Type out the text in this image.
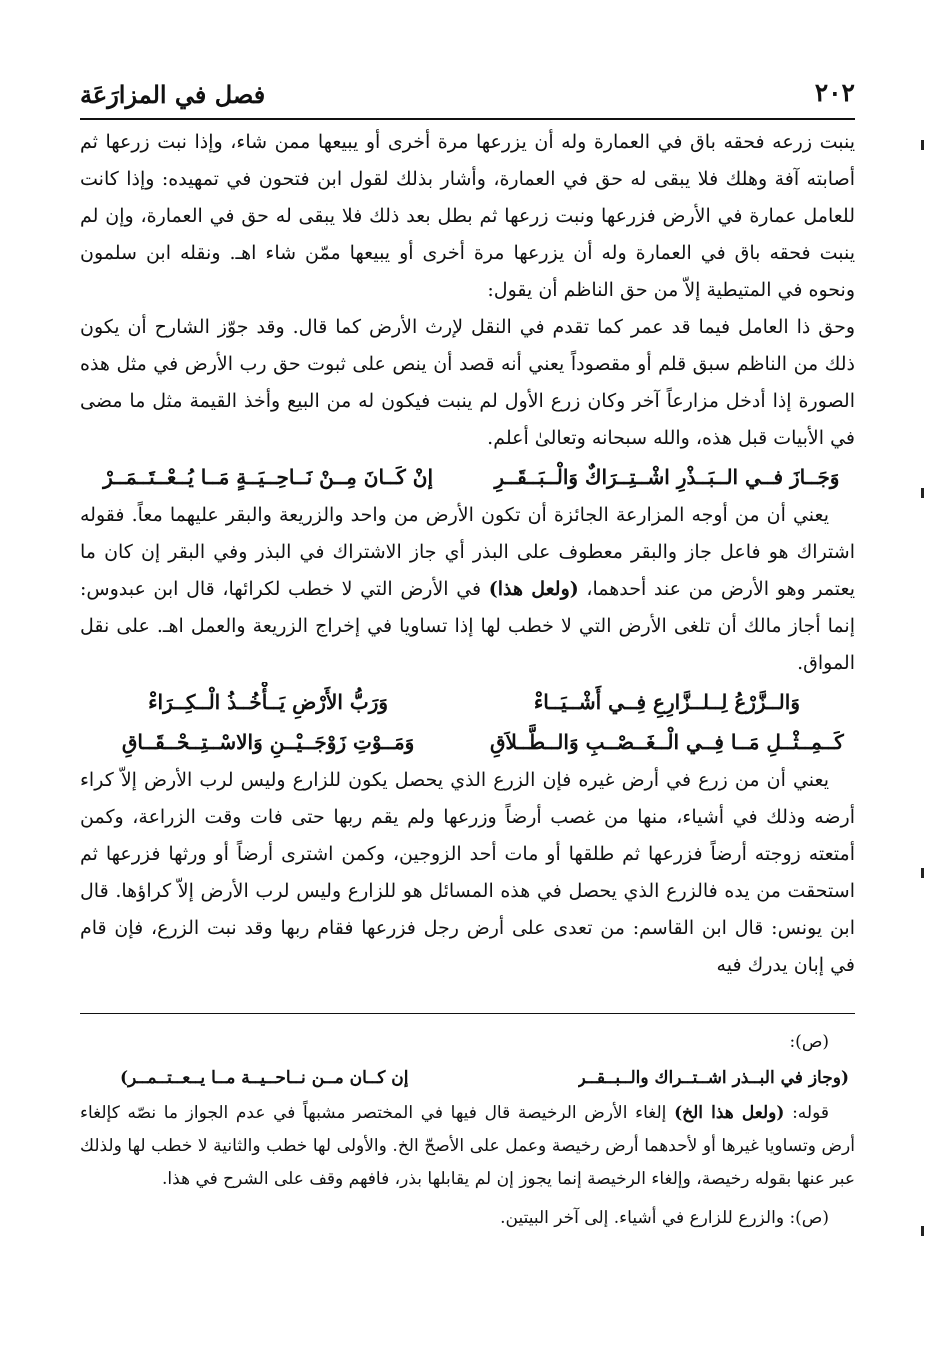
٢٠٢
فصل في المزارَعَة

ينبت زرعه فحقه باق في العمارة وله أن يزرعها مرة أخرى أو يبيعها ممن شاء، وإذا نبت زرعها ثم أصابته آفة وهلك فلا يبقى له حق في العمارة، وأشار بذلك لقول ابن فتحون في تمهيده: وإذا كانت للعامل عمارة في الأرض فزرعها ونبت زرعها ثم بطل بعد ذلك فلا يبقى له حق في العمارة، وإن لم ينبت فحقه باق في العمارة وله أن يزرعها مرة أخرى أو يبيعها ممّن شاء اهـ. ونقله ابن سلمون ونحوه في المتيطية إلاّ من حق الناظم أن يقول:

وحق ذا العامل فيما قد عمر كما تقدم في النقل لإرث الأرض كما قال. وقد جوّز الشارح أن يكون ذلك من الناظم سبق قلم أو مقصوداً يعني أنه قصد أن ينص على ثبوت حق رب الأرض في مثل هذه الصورة إذا أدخل مزارعاً آخر وكان زرع الأول لم ينبت فيكون له من البيع وأخذ القيمة مثل ما مضى في الأبيات قبل هذه، والله سبحانه وتعالىٰ أعلم.

وَجَــازَ فــي الــبَــذْرِ اشْــتِــرَاكٌ وَالْــبَــقَــرِ
إنْ كَــانَ مِــنْ نَــاحِــيَــةٍ مَــا يُــعْــتَــمَــرْ

يعني أن من أوجه المزارعة الجائزة أن تكون الأرض من واحد والزريعة والبقر عليهما معاً. فقوله اشتراك هو فاعل جاز والبقر معطوف على البذر أي جاز الاشتراك في البذر وفي البقر إن كان ما يعتمر وهو الأرض من عند أحدهما، (ولعل هذا) في الأرض التي لا خطب لكرائها، قال ابن عبدوس: إنما أجاز مالك أن تلغى الأرض التي لا خطب لها إذا تساويا في إخراج الزريعة والعمل اهـ. على نقل المواق.

وَالــزَّرْعُ لِــلــزَّارِعِ فِــي أَشْــيَــاءْ
وَرَبُّ الأَرْضِ يَــأْخُــذُ الْــكِــرَاءْ
كَــمِــثْــلِ مَــا فِــي الْــغَــصْــبِ وَالــطَّــلاَقِ
وَمَــوْتِ زَوْجَــيْــنِ وَالاسْــتِــحْــقَــاقِ

يعني أن من زرع في أرض غيره فإن الزرع الذي يحصل يكون للزارع وليس لرب الأرض إلاّ كراء أرضه وذلك في أشياء، منها من غصب أرضاً وزرعها ولم يقم ربها حتى فات وقت الزراعة، وكمن أمتعته زوجته أرضاً فزرعها ثم طلقها أو مات أحد الزوجين، وكمن اشترى أرضاً أو ورثها فزرعها ثم استحقت من يده فالزرع الذي يحصل في هذه المسائل هو للزارع وليس لرب الأرض إلاّ كراؤها. قال ابن يونس: قال ابن القاسم: من تعدى على أرض رجل فزرعها فقام ربها وقد نبت الزرع، فإن قام في إبان يدرك فيه

(ص):

(وجاز في البــذر اشــتــراك والــبــقــر
إن كــان مــن نــاحــيــة مــا يــعــتــمــر)

قوله: (ولعل هذا الخ) إلغاء الأرض الرخيصة قال فيها في المختصر مشبهاً في عدم الجواز ما نصّه كإلغاء أرض وتساويا غيرها أو لأحدهما أرض رخيصة وعمل على الأصحّ الخ. والأولى لها خطب والثانية لا خطب لها ولذلك عبر عنها بقوله رخيصة، وإلغاء الرخيصة إنما يجوز إن لم يقابلها بذر، فافهم وقف على الشرح في هذا.

(ص): والزرع للزارع في أشياء. إلى آخر البيتين.
